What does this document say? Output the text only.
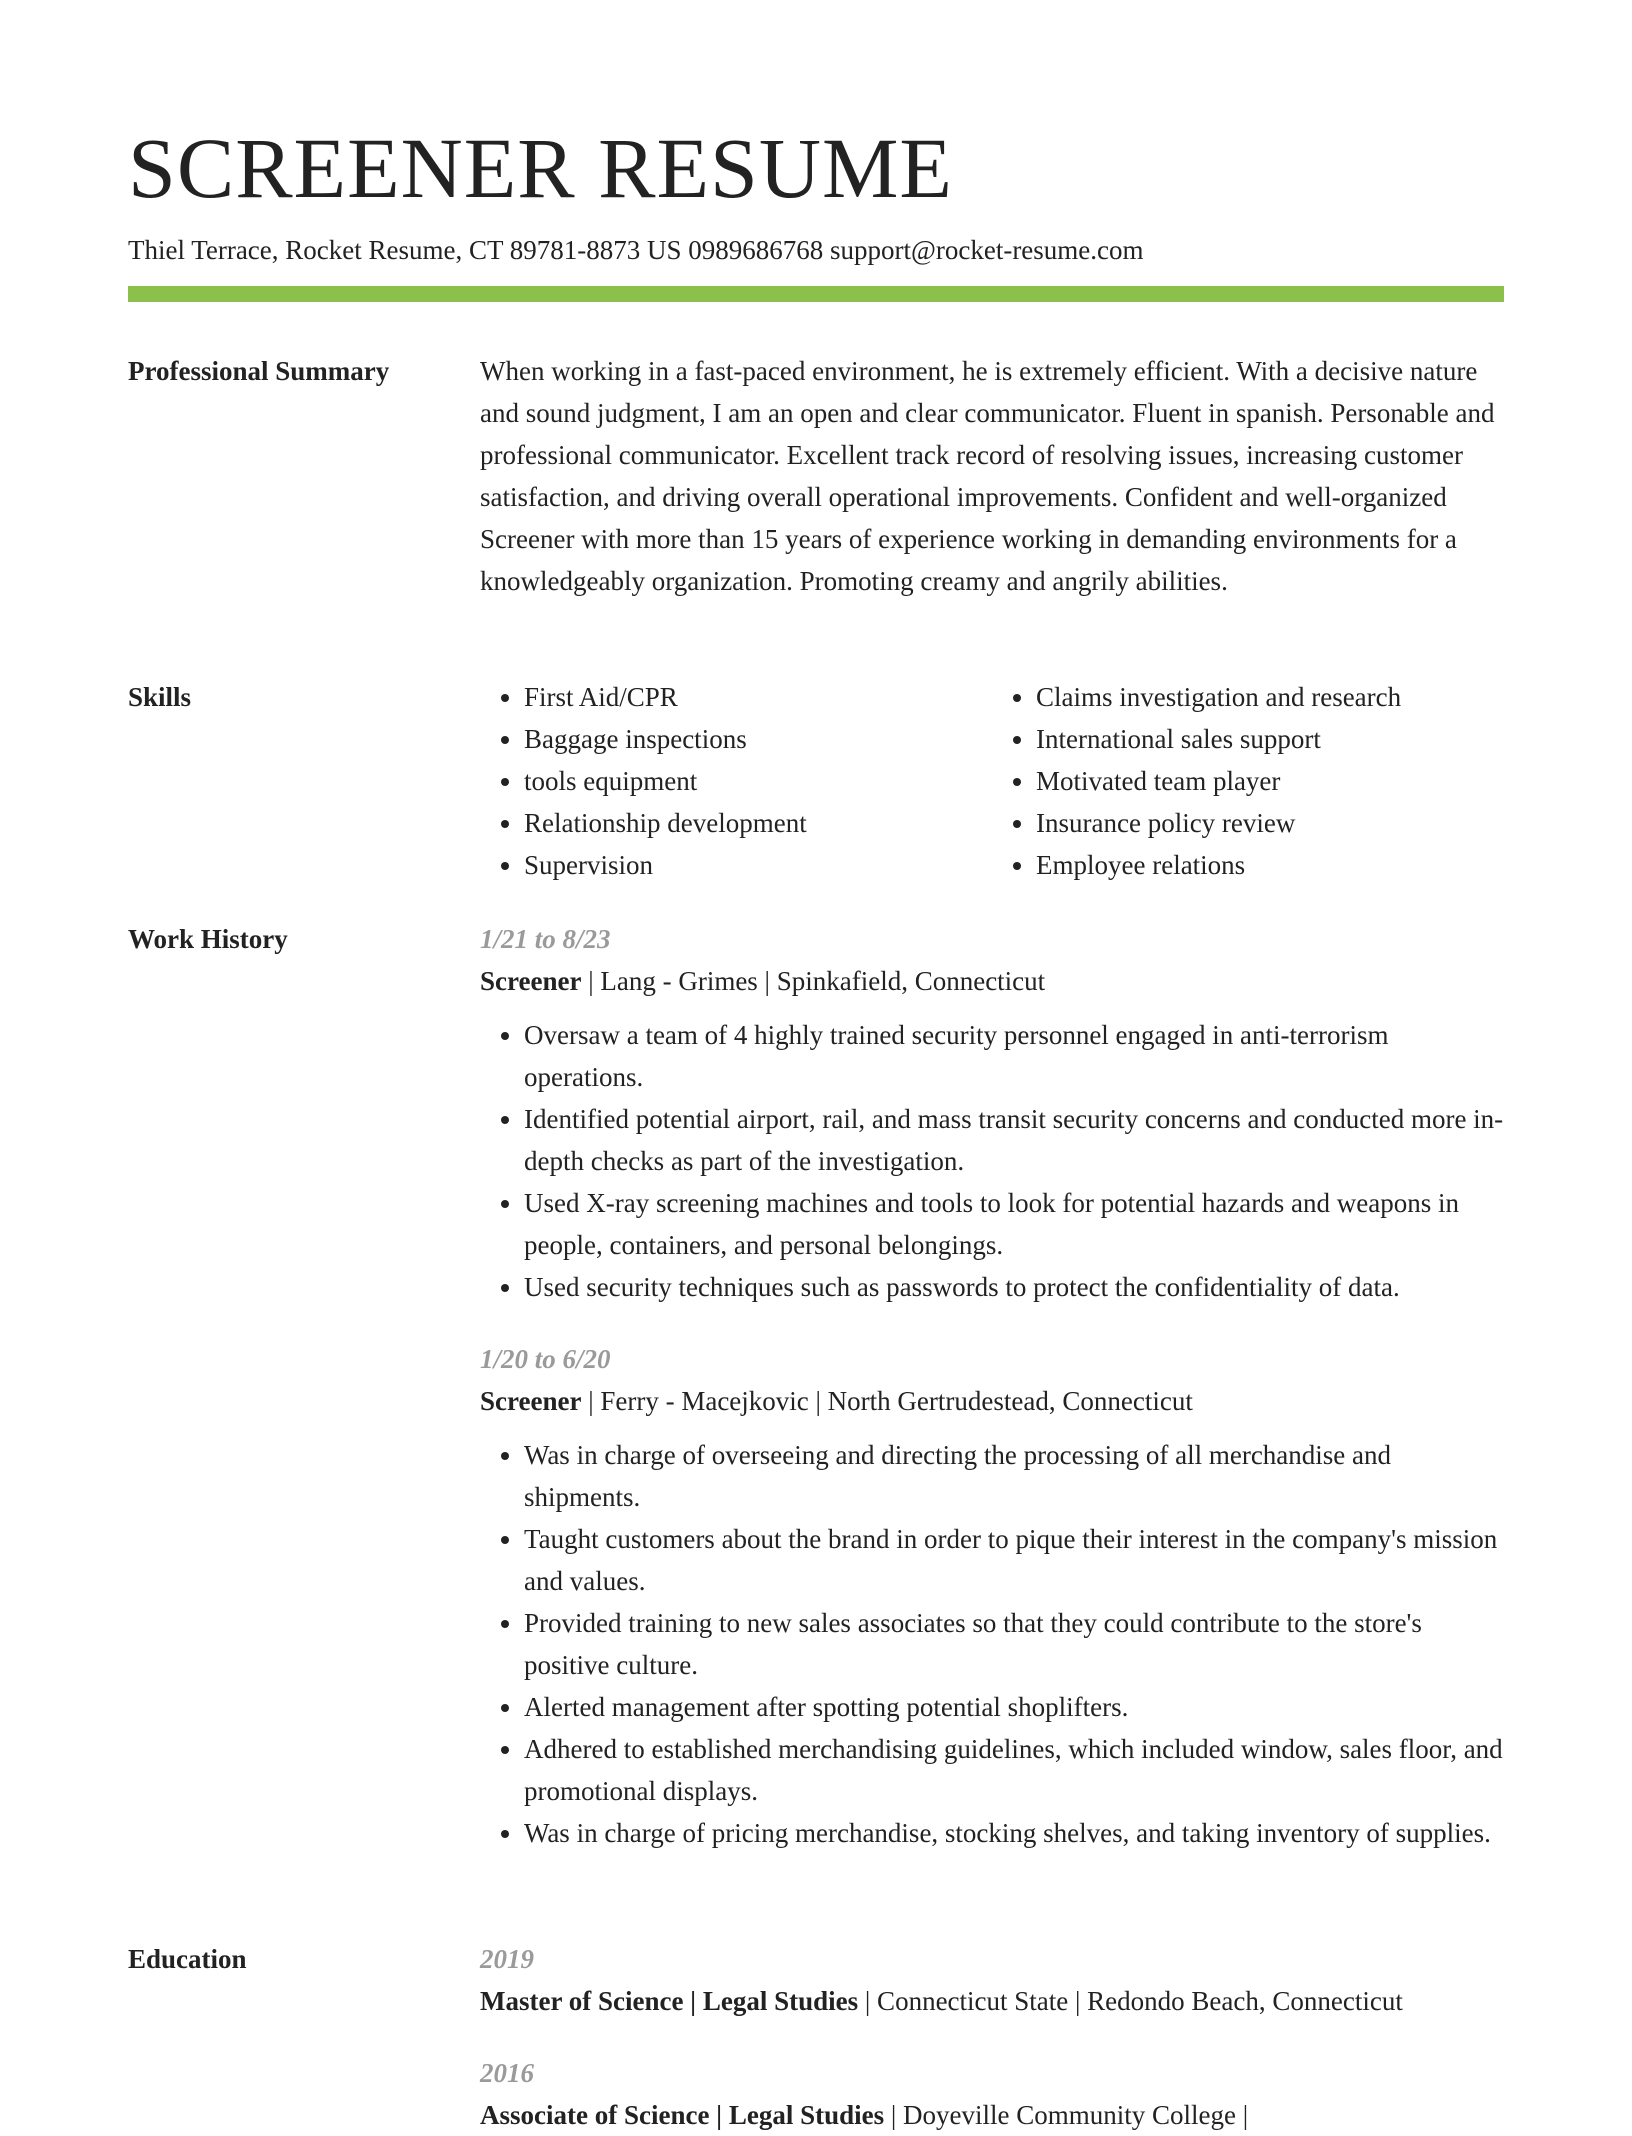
SCREENER RESUME
Thiel Terrace, Rocket Resume, CT 89781-8873 US 0989686768 support@rocket-resume.com
Professional Summary	When working in a fast-paced environment, he is extremely efficient. With a decisive nature and sound judgment, I am an open and clear communicator. Fluent in spanish. Personable and professional communicator. Excellent track record of resolving issues, increasing customer satisfaction, and driving overall operational improvements. Confident and well-organized Screener with more than 15 years of experience working in demanding environments for a knowledgeably organization. Promoting creamy and angrily abilities.

Skills
•	First Aid/CPR
• Baggage inspections
• tools equipment
• Relationship development
• Supervision
• Claims investigation and research
• International sales support
• Motivated team player
• Insurance policy review
• Employee relations
Work History	1/21 to 8/23
Screener | Lang - Grimes | Spinkafield, Connecticut
• Oversaw a team of 4 highly trained security personnel engaged in anti-terrorism operations.
• Identified potential airport, rail, and mass transit security concerns and conducted more in-depth checks as part of the investigation.
• Used X-ray screening machines and tools to look for potential hazards and weapons in people, containers, and personal belongings.
• Used security techniques such as passwords to protect the confidentiality of data.
1/20 to 6/20
Screener | Ferry - Macejkovic | North Gertrudestead, Connecticut
• Was in charge of overseeing and directing the processing of all merchandise and shipments.
• Taught customers about the brand in order to pique their interest in the company's mission and values.
• Provided training to new sales associates so that they could contribute to the store's positive culture.
• Alerted management after spotting potential shoplifters.
• Adhered to established merchandising guidelines, which included window, sales floor, and promotional displays.
• Was in charge of pricing merchandise, stocking shelves, and taking inventory of supplies.
Education	2019
Master of Science | Legal Studies | Connecticut State | Redondo Beach, Connecticut
2016
Associate of Science | Legal Studies | Doyeville Community College |
